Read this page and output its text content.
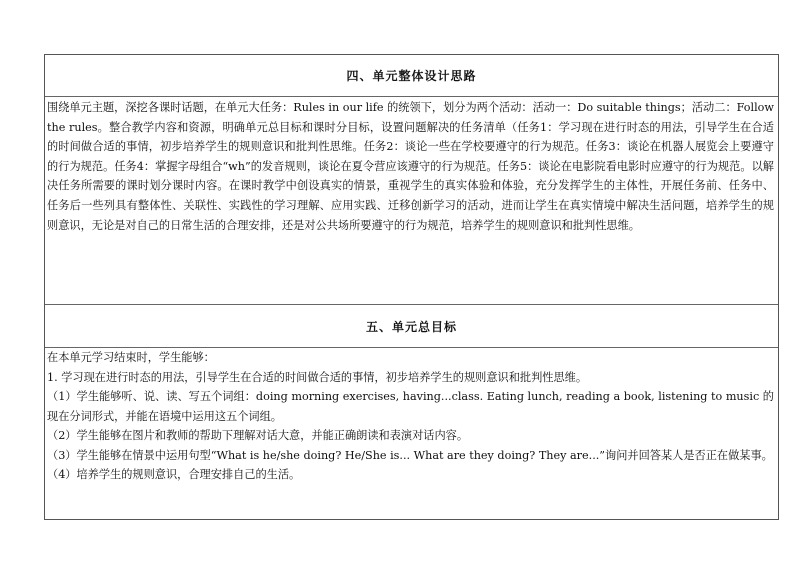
四、单元整体设计思路
围绕单元主题，深挖各课时话题，在单元大任务：Rules in our life 的统领下，划分为两个活动：活动一：Do suitable things；活动二：Follow the rules。整合教学内容和资源，明确单元总目标和课时分目标，设置问题解决的任务清单（任务1：学习现在进行时态的用法，引导学生在合适的时间做合适的事情，初步培养学生的规则意识和批判性思维。任务2：谈论一些在学校要遵守的行为规范。任务3：谈论在机器人展览会上要遵守的行为规范。任务4：掌握字母组合“wh”的发音规则，谈论在夏令营应该遵守的行为规范。任务5：谈论在电影院看电影时应遵守的行为规范。以解决任务所需要的课时划分课时内容。在课时教学中创设真实的情景，重视学生的真实体验和体验，充分发挥学生的主体性，开展任务前、任务中、任务后一些列具有整体性、关联性、实践性的学习理解、应用实践、迁移创新学习的活动，进而让学生在真实情境中解决生活问题，培养学生的规则意识，无论是对自己的日常生活的合理安排，还是对公共场所要遵守的行为规范，培养学生的规则意识和批判性思维。
五、单元总目标
在本单元学习结束时，学生能够：
1. 学习现在进行时态的用法，引导学生在合适的时间做合适的事情，初步培养学生的规则意识和批判性思维。
（1）学生能够听、说、读、写五个词组：doing morning exercises, having...class. Eating lunch, reading a book, listening to music 的现在分词形式，并能在语境中运用这五个词组。
（2）学生能够在图片和教师的帮助下理解对话大意，并能正确朗读和表演对话内容。
（3）学生能够在情景中运用句型“What is he/she doing? He/She is... What are they doing? They are...”询问并回答某人是否正在做某事。
（4）培养学生的规则意识，合理安排自己的生活。
